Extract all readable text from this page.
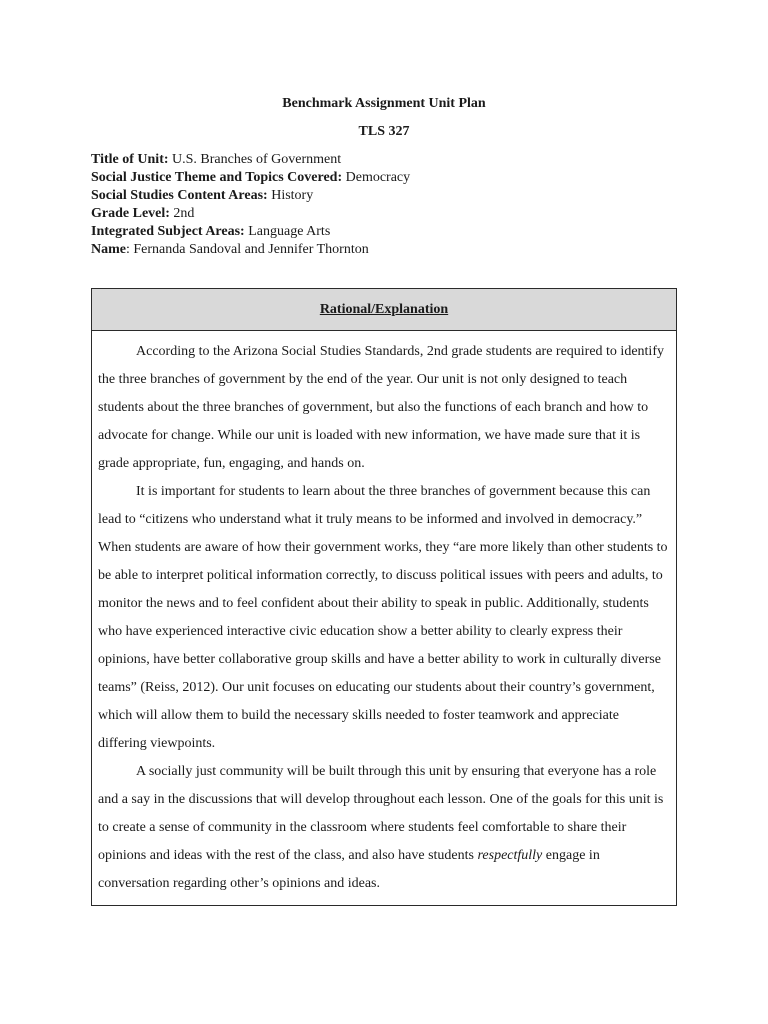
Benchmark Assignment Unit Plan
TLS 327
Title of Unit: U.S. Branches of Government
Social Justice Theme and Topics Covered: Democracy
Social Studies Content Areas: History
Grade Level: 2nd
Integrated Subject Areas: Language Arts
Name: Fernanda Sandoval and Jennifer Thornton
Rational/Explanation

According to the Arizona Social Studies Standards, 2nd grade students are required to identify the three branches of government by the end of the year. Our unit is not only designed to teach students about the three branches of government, but also the functions of each branch and how to advocate for change. While our unit is loaded with new information, we have made sure that it is grade appropriate, fun, engaging, and hands on.

It is important for students to learn about the three branches of government because this can lead to “citizens who understand what it truly means to be informed and involved in democracy.” When students are aware of how their government works, they “are more likely than other students to be able to interpret political information correctly, to discuss political issues with peers and adults, to monitor the news and to feel confident about their ability to speak in public. Additionally, students who have experienced interactive civic education show a better ability to clearly express their opinions, have better collaborative group skills and have a better ability to work in culturally diverse teams” (Reiss, 2012). Our unit focuses on educating our students about their country’s government, which will allow them to build the necessary skills needed to foster teamwork and appreciate differing viewpoints.

A socially just community will be built through this unit by ensuring that everyone has a role and a say in the discussions that will develop throughout each lesson. One of the goals for this unit is to create a sense of community in the classroom where students feel comfortable to share their opinions and ideas with the rest of the class, and also have students respectfully engage in conversation regarding other’s opinions and ideas.
